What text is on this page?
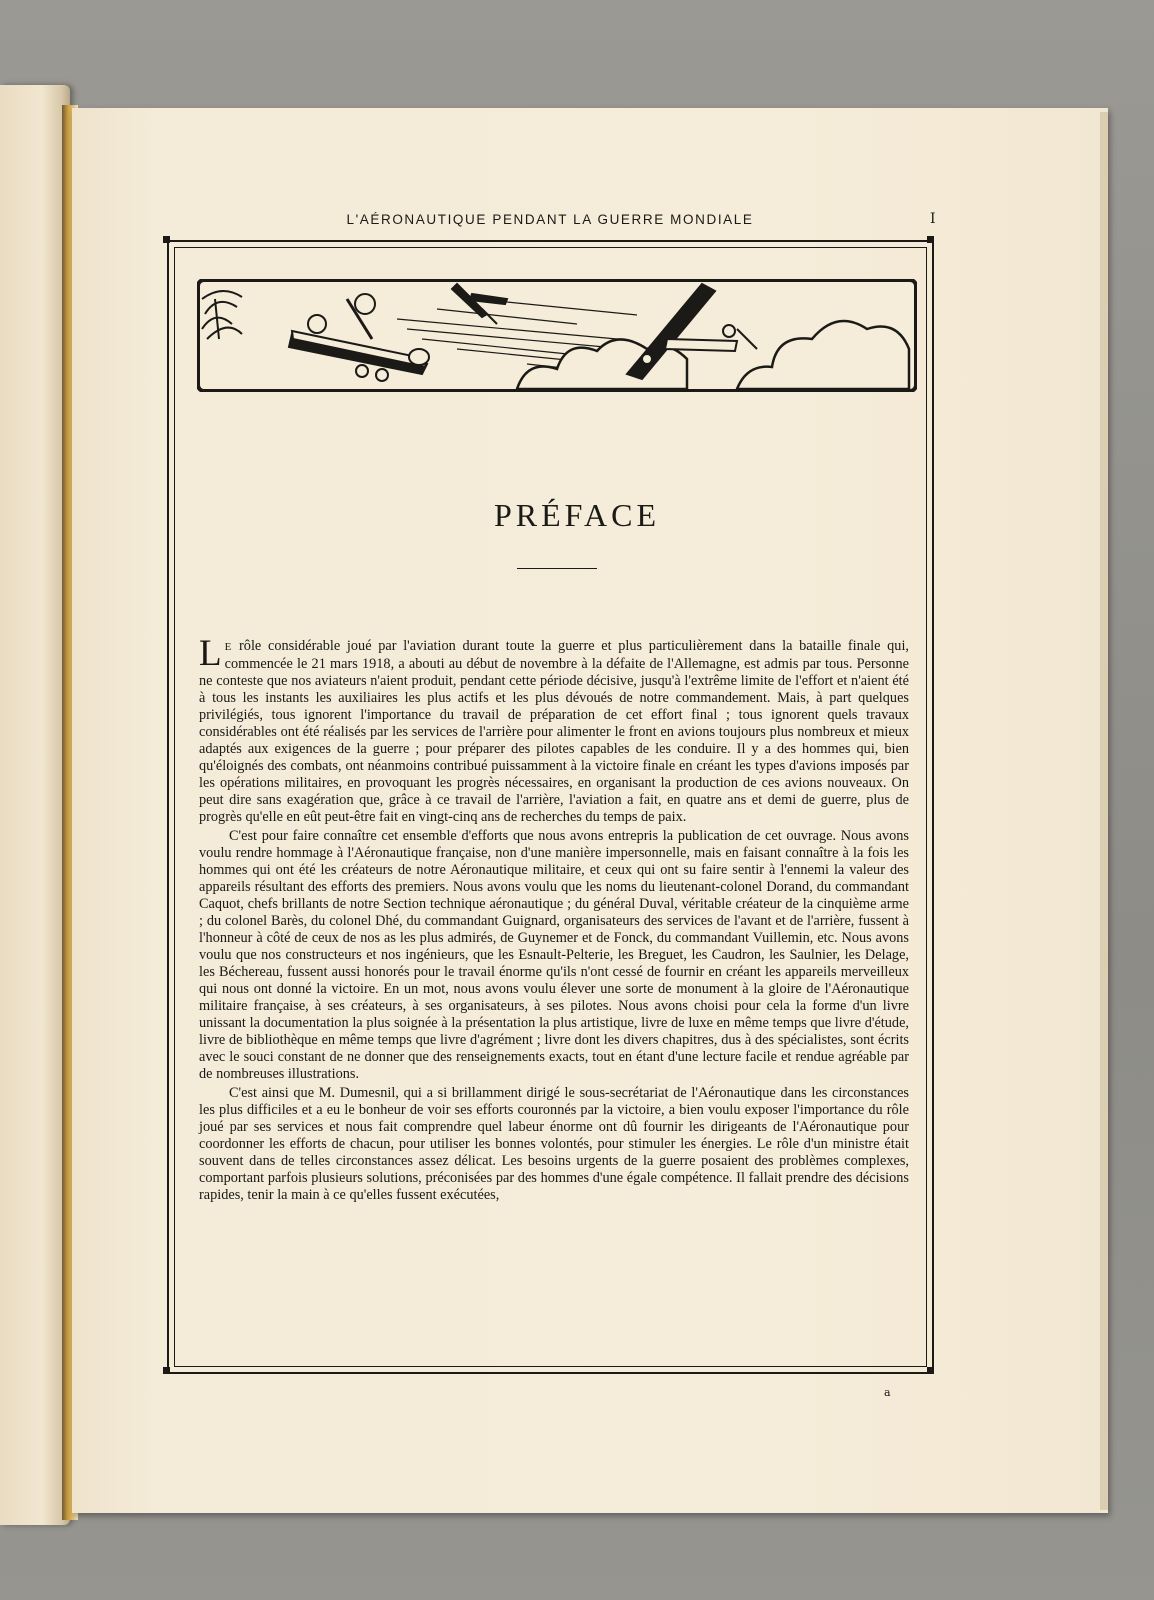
L'AÉRONAUTIQUE PENDANT LA GUERRE MONDIALE	I
PRÉFACE

L E rôle considérable joué par l'aviation durant toute la guerre et plus particulièrement dans la bataille finale qui, commencée le 21 mars 1918, a abouti au début de novembre à la défaite de l'Allemagne, est admis par tous. Personne ne conteste que nos aviateurs n'aient produit, pendant cette période décisive, jusqu'à l'extrême limite de l'effort et n'aient été à tous les instants les auxiliaires les plus actifs et les plus dévoués de notre commandement. Mais, à part quelques privilégiés, tous ignorent l'importance du travail de préparation de cet effort final ; tous ignorent quels travaux considérables ont été réalisés par les services de l'arrière pour alimenter le front en avions toujours plus nombreux et mieux adaptés aux exigences de la guerre ; pour préparer des pilotes capables de les conduire. Il y a des hommes qui, bien qu'éloignés des combats, ont néanmoins contribué puissamment à la victoire finale en créant les types d'avions imposés par les opérations militaires, en provoquant les progrès nécessaires, en organisant la production de ces avions nouveaux. On peut dire sans exagération que, grâce à ce travail de l'arrière, l'aviation a fait, en quatre ans et demi de guerre, plus de progrès qu'elle en eût peut-être fait en vingt-cinq ans de recherches du temps de paix.

C'est pour faire connaître cet ensemble d'efforts que nous avons entrepris la publication de cet ouvrage. Nous avons voulu rendre hommage à l'Aéronautique française, non d'une manière impersonnelle, mais en faisant connaître à la fois les hommes qui ont été les créateurs de notre Aéronautique militaire, et ceux qui ont su faire sentir à l'ennemi la valeur des appareils résultant des efforts des premiers. Nous avons voulu que les noms du lieutenant-colonel Dorand, du commandant Caquot, chefs brillants de notre Section technique aéronautique ; du général Duval, véritable créateur de la cinquième arme ; du colonel Barès, du colonel Dhé, du commandant Guignard, organisateurs des services de l'avant et de l'arrière, fussent à l'honneur à côté de ceux de nos as les plus admirés, de Guynemer et de Fonck, du commandant Vuillemin, etc. Nous avons voulu que nos constructeurs et nos ingénieurs, que les Esnault-Pelterie, les Breguet, les Caudron, les Saulnier, les Delage, les Béchereau, fussent aussi honorés pour le travail énorme qu'ils n'ont cessé de fournir en créant les appareils merveilleux qui nous ont donné la victoire. En un mot, nous avons voulu élever une sorte de monument à la gloire de l'Aéronautique militaire française, à ses créateurs, à ses organisateurs, à ses pilotes. Nous avons choisi pour cela la forme d'un livre unissant la documentation la plus soignée à la présentation la plus artistique, livre de luxe en même temps que livre d'étude, livre de bibliothèque en même temps que livre d'agrément ; livre dont les divers chapitres, dus à des spécialistes, sont écrits avec le souci constant de ne donner que des renseignements exacts, tout en étant d'une lecture facile et rendue agréable par de nombreuses illustrations.

C'est ainsi que M. Dumesnil, qui a si brillamment dirigé le sous-secrétariat de l'Aéronautique dans les circonstances les plus difficiles et a eu le bonheur de voir ses efforts couronnés par la victoire, a bien voulu exposer l'importance du rôle joué par ses services et nous fait comprendre quel labeur énorme ont dû fournir les dirigeants de l'Aéronautique pour coordonner les efforts de chacun, pour utiliser les bonnes volontés, pour stimuler les énergies. Le rôle d'un ministre était souvent dans de telles circonstances assez délicat. Les besoins urgents de la guerre posaient des problèmes complexes, comportant parfois plusieurs solutions, préconisées par des hommes d'une égale compétence. Il fallait prendre des décisions rapides, tenir la main à ce qu'elles fussent exécutées,

a
